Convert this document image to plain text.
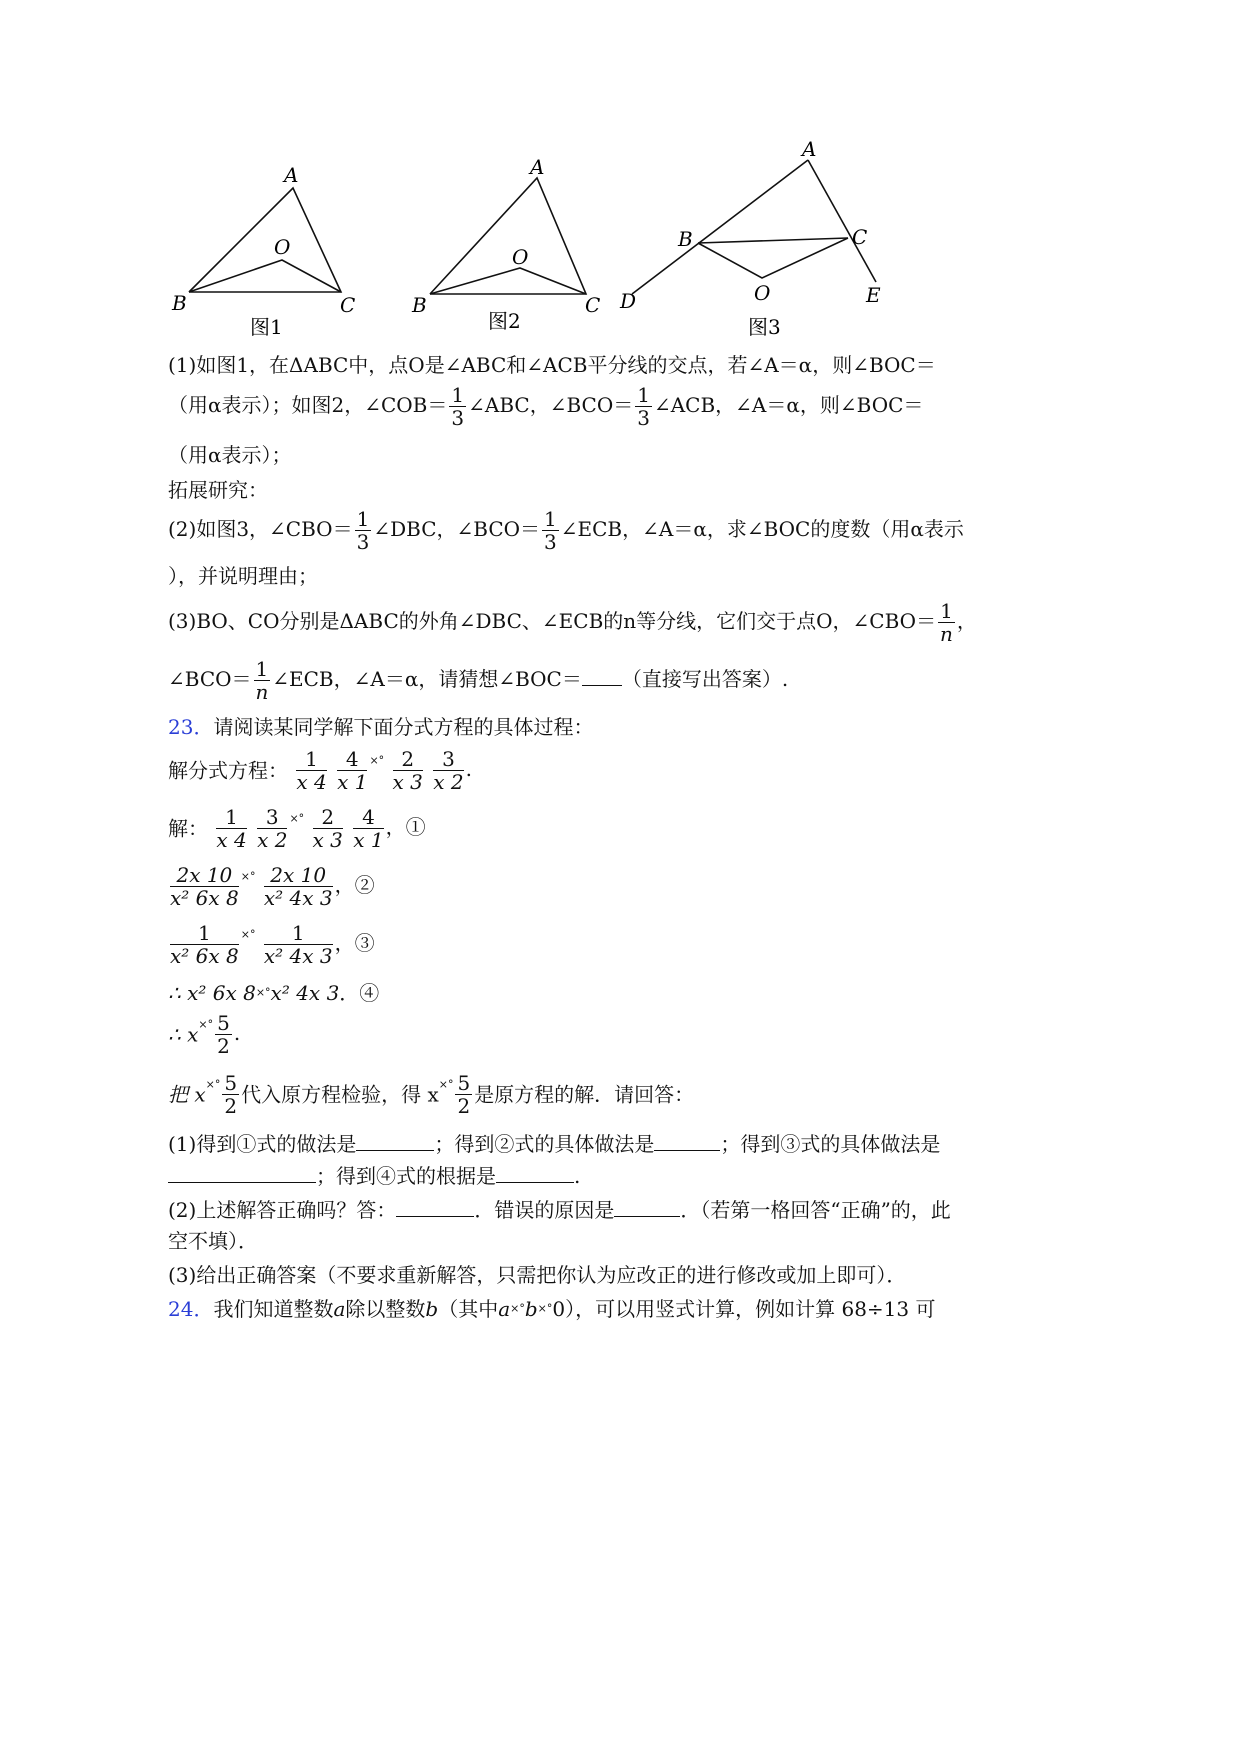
A
O
B	C
图1
A
O
B	C
图2
A
B	C
O
D	E
图3
(1)如图1，在ΔABC中，点O是∠ABC和∠ACB平分线的交点，若∠A＝α，则∠BOC＝
（用α表示）；如图2，∠COB＝ $\frac{1}{3}$ ∠ABC，∠BCO＝ $\frac{1}{3}$ ∠ACB，∠A＝α，则∠BOC＝
（用α表示）；
拓展研究：
(2)如图3，∠CBO＝ $\frac{1}{3}$ ∠DBC，∠BCO＝ $\frac{1}{3}$ ∠ECB，∠A＝α，求∠BOC的度数（用α表示
），并说明理由；
(3)BO、CO分别是ΔABC的外角∠DBC、∠ECB的n等分线，它们交于点O，∠CBO＝ $\frac{1}{n}$ ，
∠BCO＝ $\frac{1}{n}$ ∠ECB，∠A＝α，请猜想∠BOC＝ （直接写出答案）.
23．请阅读某同学解下面分式方程的具体过程：
解分式方程： $\frac{1}{x 4}$
$\frac{4}{x 1} ^{\times^\circ} \frac{2}{x 3}$
$\frac{3}{x 2}$ .
解： $\frac{1}{x 4}$
$\frac{3}{x 2} ^{\times^\circ} \frac{2}{x 3}$
$\frac{4}{x 1}$ ，①
$\frac{2x 10}{\text{x² 6x 8}} ^{\times^\circ} \frac{2x 10}{\text{x² 4x 3}}$ ，②
$\frac{1}{\text{x² 6x 8}} ^{\times^\circ} \frac{1}{\text{x² 4x 3}}$ ，③
∴ x² 6x 8×°x² 4x 3．④
∴ $x^{\times^\circ} \frac{5}{2}$ .
把 $x^{\times^\circ} \frac{5}{2}$ 代入原方程检验，得 $x^{\times^\circ} \frac{5}{2}$ 是原方程的解．请回答：
(1)得到①式的做法是	；得到②式的具体做法是	；得到③式的具体做法是
；得到④式的根据是	.
(2)上述解答正确吗？答：	．错误的原因是	．（若第一格回答“正确”的，此
空不填）．
(3)给出正确答案（不要求重新解答，只需把你认为应改正的进行修改或加上即可）．
24．我们知道整数a除以整数b（其中a×°b×°0），可以用竖式计算，例如计算 68÷13 可
